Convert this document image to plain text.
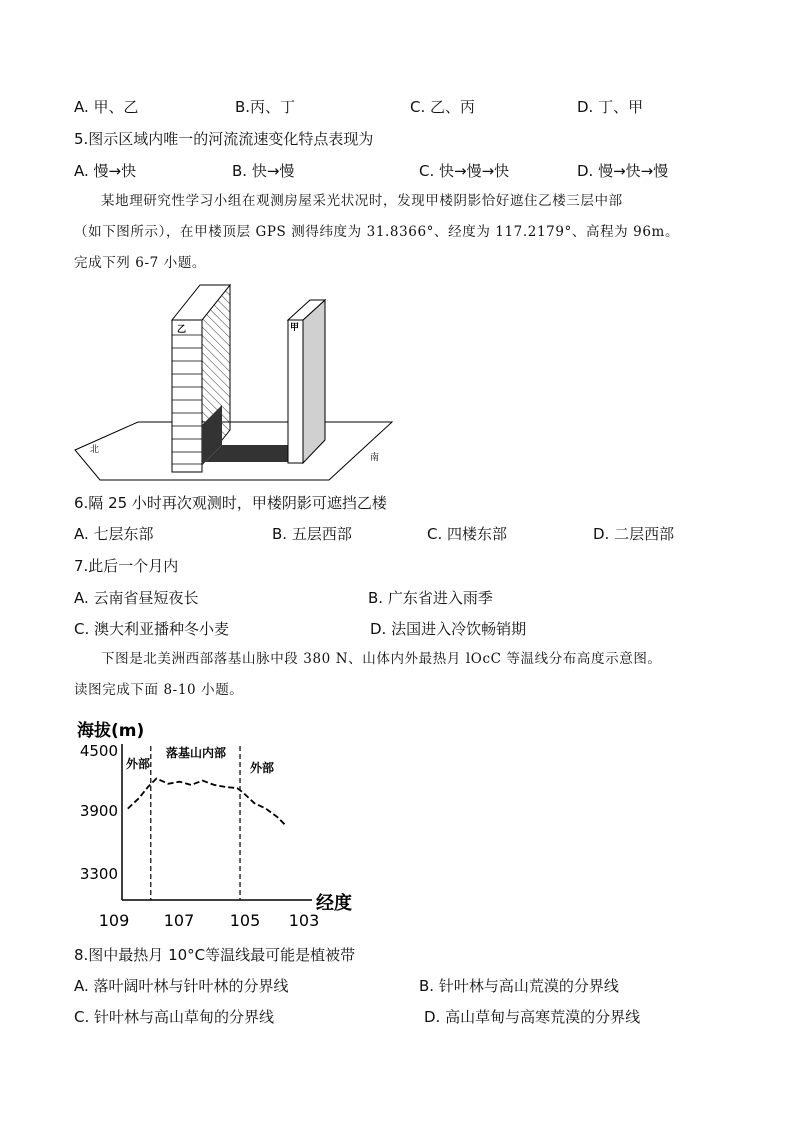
A. 甲、乙	B.丙、丁	C. 乙、丙	D. 丁、甲
5.图示区域内唯一的河流流速变化特点表现为
A. 慢→快	B. 快→慢	C. 快→慢→快	D. 慢→快→慢
某地理研究性学习小组在观测房屋采光状况时，发现甲楼阴影恰好遮住乙楼三层中部
（如下图所示），在甲楼顶层 GPS 测得纬度为 31.8366°、经度为 117.2179°、高程为 96m。
完成下列 6-7 小题。
乙	甲
北
南
6.隔 25 小时再次观测时，甲楼阴影可遮挡乙楼
A. 七层东部	B. 五层西部	C. 四楼东部	D. 二层西部
7.此后一个月内
A. 云南省昼短夜长	B. 广东省进入雨季
C. 澳大利亚播种冬小麦	D. 法国进入冷饮畅销期
下图是北美洲西部落基山脉中段 380 N、山体内外最热月 lOcC 等温线分布高度示意图。
读图完成下面 8-10 小题。
海拔(m)
4500
3900
3300
109 107 105 103
经度
外部
落基山内部
外部
8.图中最热月 10°C等温线最可能是植被带
A. 落叶阔叶林与针叶林的分界线	B. 针叶林与高山荒漠的分界线
C. 针叶林与高山草甸的分界线	D. 高山草甸与高寒荒漠的分界线
